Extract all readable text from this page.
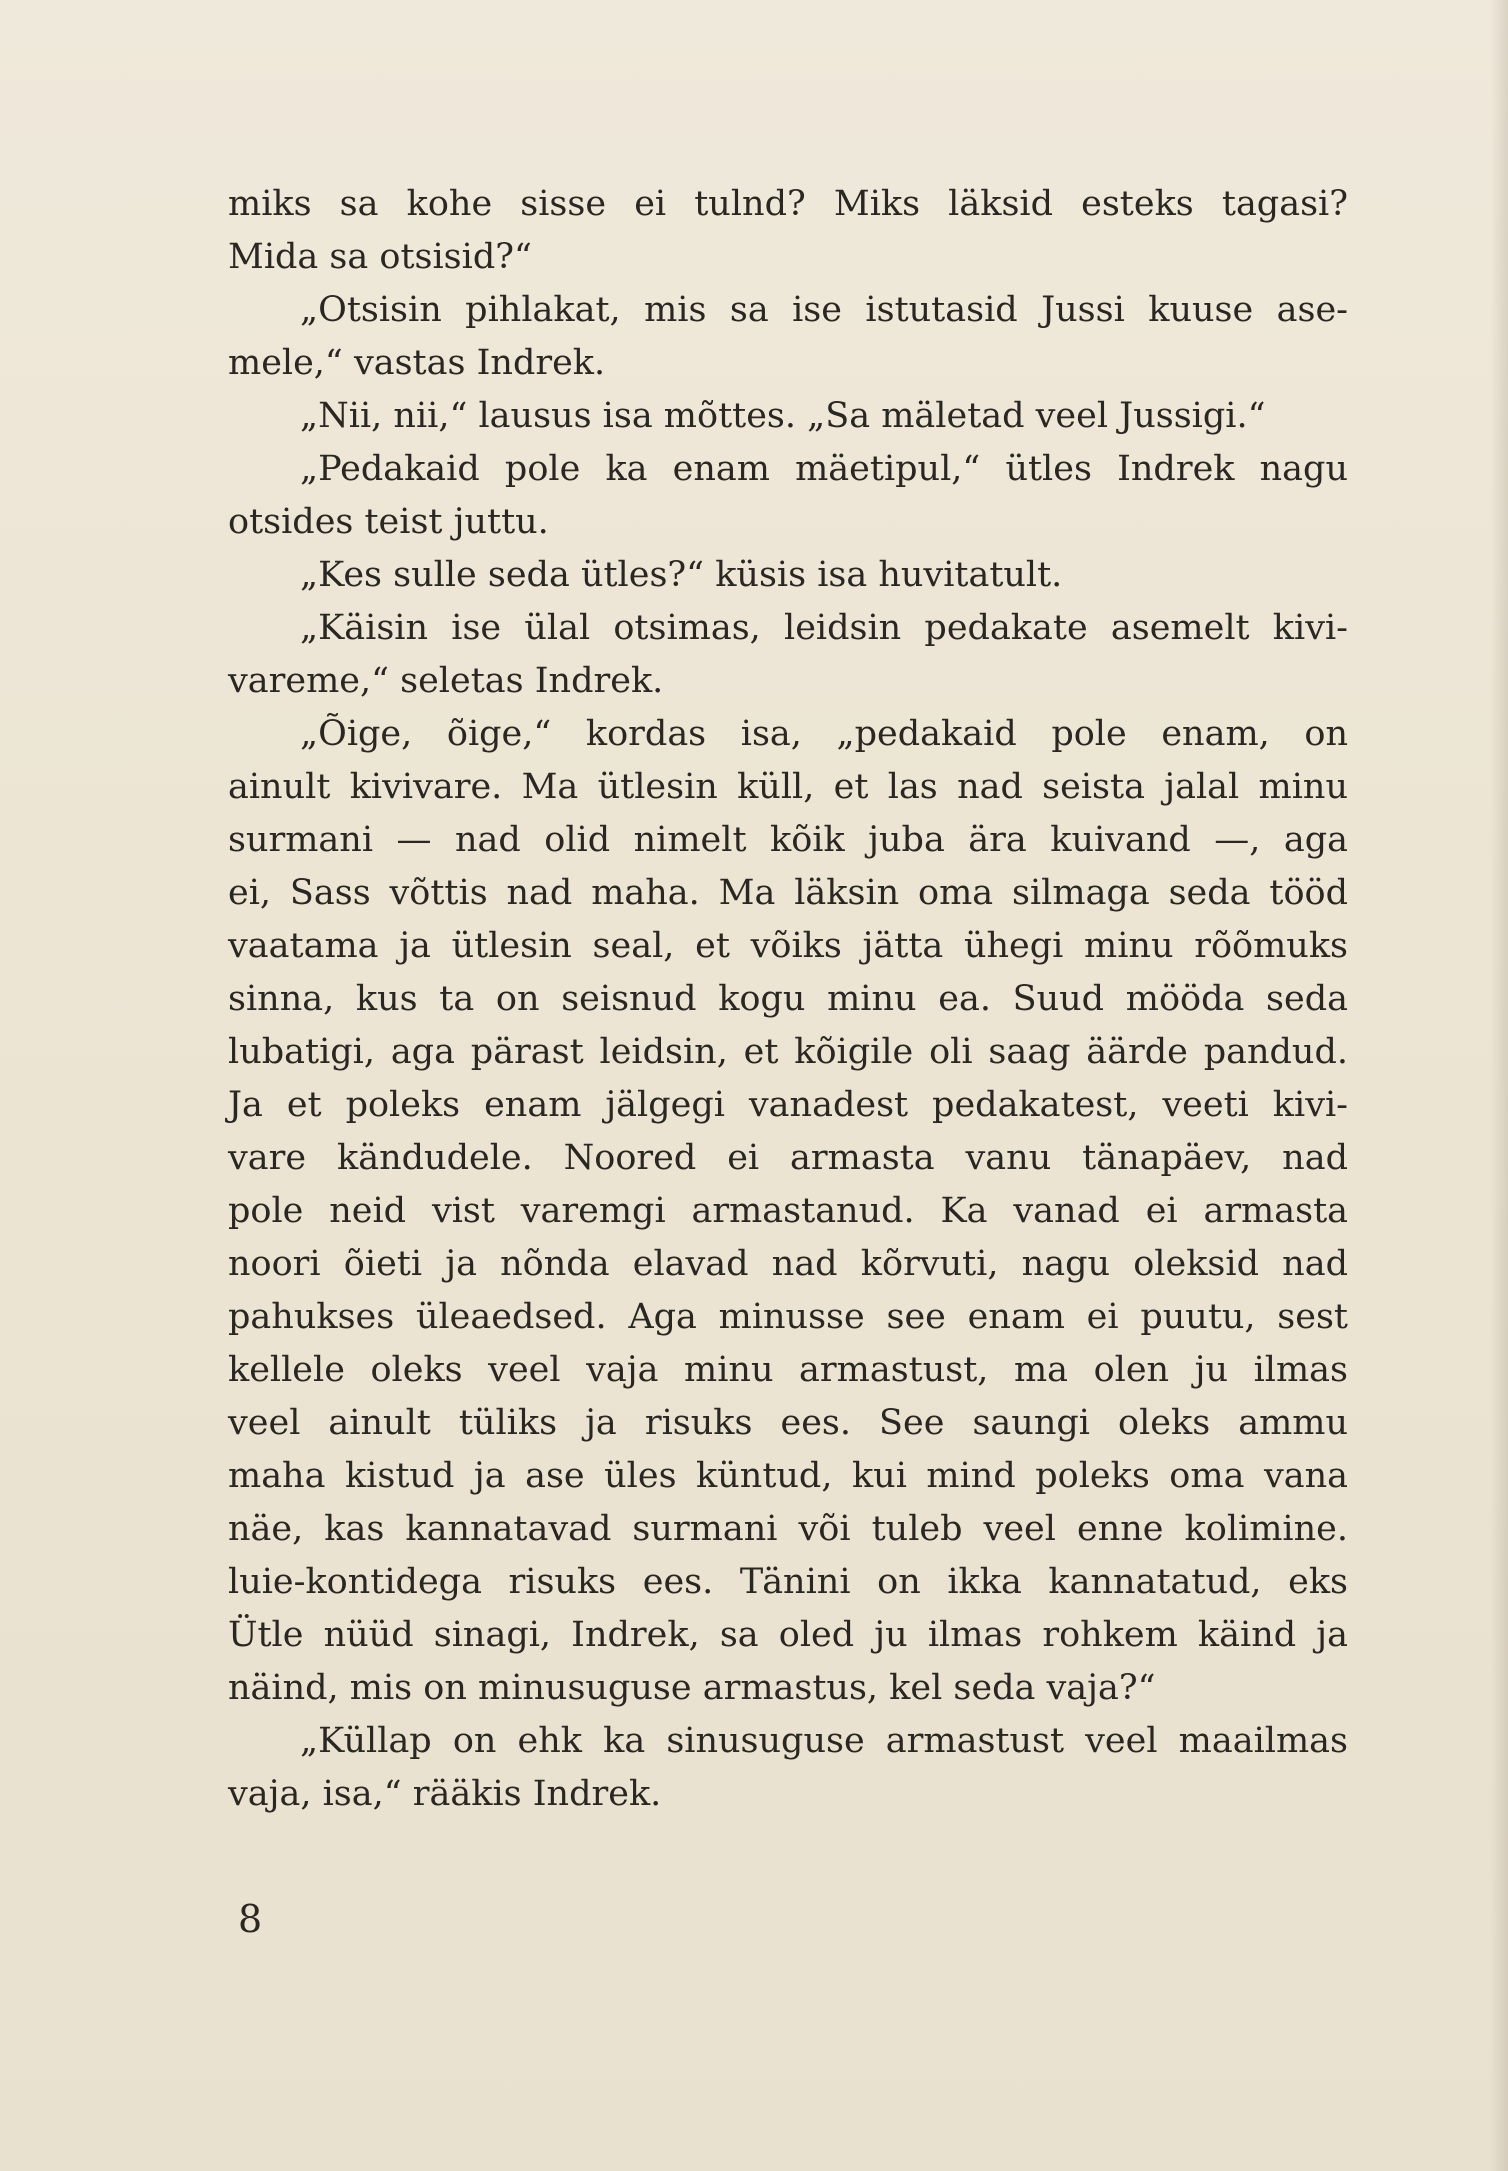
miks sa kohe sisse ei tulnd? Miks läksid esteks tagasi?
Mida sa otsisid?“
„Otsisin pihlakat, mis sa ise istutasid Jussi kuuse ase-
mele,“ vastas Indrek.
„Nii, nii,“ lausus isa mõttes. „Sa mäletad veel Jussigi.“
„Pedakaid pole ka enam mäetipul,“ ütles Indrek nagu
otsides teist juttu.
„Kes sulle seda ütles?“ küsis isa huvitatult.
„Käisin ise ülal otsimas, leidsin pedakate asemelt kivi-
vareme,“ seletas Indrek.
„Õige, õige,“ kordas isa, „pedakaid pole enam, on
ainult kivivare. Ma ütlesin küll, et las nad seista jalal minu
surmani — nad olid nimelt kõik juba ära kuivand —, aga
ei, Sass võttis nad maha. Ma läksin oma silmaga seda tööd
vaatama ja ütlesin seal, et võiks jätta ühegi minu rõõmuks
sinna, kus ta on seisnud kogu minu ea. Suud mööda seda
lubatigi, aga pärast leidsin, et kõigile oli saag äärde pandud.
Ja et poleks enam jälgegi vanadest pedakatest, veeti kivi-
vare kändudele. Noored ei armasta vanu tänapäev, nad
pole neid vist varemgi armastanud. Ka vanad ei armasta
noori õieti ja nõnda elavad nad kõrvuti, nagu oleksid nad
pahukses üleaedsed. Aga minusse see enam ei puutu, sest
kellele oleks veel vaja minu armastust, ma olen ju ilmas
veel ainult tüliks ja risuks ees. See saungi oleks ammu
maha kistud ja ase üles küntud, kui mind poleks oma vana
näe, kas kannatavad surmani või tuleb veel enne kolimine.
luie-kontidega risuks ees. Tänini on ikka kannatatud, eks
Ütle nüüd sinagi, Indrek, sa oled ju ilmas rohkem käind ja
näind, mis on minusuguse armastus, kel seda vaja?“
„Küllap on ehk ka sinusuguse armastust veel maailmas
vaja, isa,“ rääkis Indrek.
8
